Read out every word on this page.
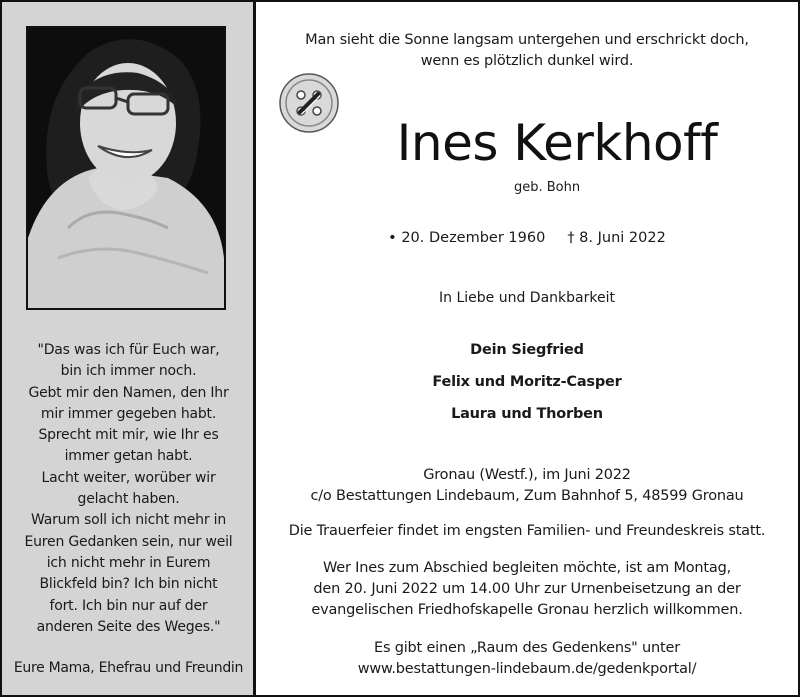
"Das was ich für Euch war,
bin ich immer noch.
Gebt mir den Namen, den Ihr
mir immer gegeben habt.
Sprecht mit mir, wie Ihr es
immer getan habt.
Lacht weiter, worüber wir
gelacht haben.
Warum soll ich nicht mehr in
Euren Gedanken sein, nur weil
ich nicht mehr in Eurem
Blickfeld bin? Ich bin nicht
fort. Ich bin nur auf der
anderen Seite des Weges."
Eure Mama, Ehefrau und Freundin
Man sieht die Sonne langsam untergehen und erschrickt doch,
wenn es plötzlich dunkel wird.
Ines Kerkhoff
geb. Bohn
• 20. Dezember 1960 † 8. Juni 2022
In Liebe und Dankbarkeit
Dein Siegfried
Felix und Moritz-Casper
Laura und Thorben
Gronau (Westf.), im Juni 2022
c/o Bestattungen Lindebaum, Zum Bahnhof 5, 48599 Gronau
Die Trauerfeier findet im engsten Familien- und Freundeskreis statt.
Wer Ines zum Abschied begleiten möchte, ist am Montag,
den 20. Juni 2022 um 14.00 Uhr zur Urnenbeisetzung an der
evangelischen Friedhofskapelle Gronau herzlich willkommen.
Es gibt einen „Raum des Gedenkens" unter
www.bestattungen-lindebaum.de/gedenkportal/
